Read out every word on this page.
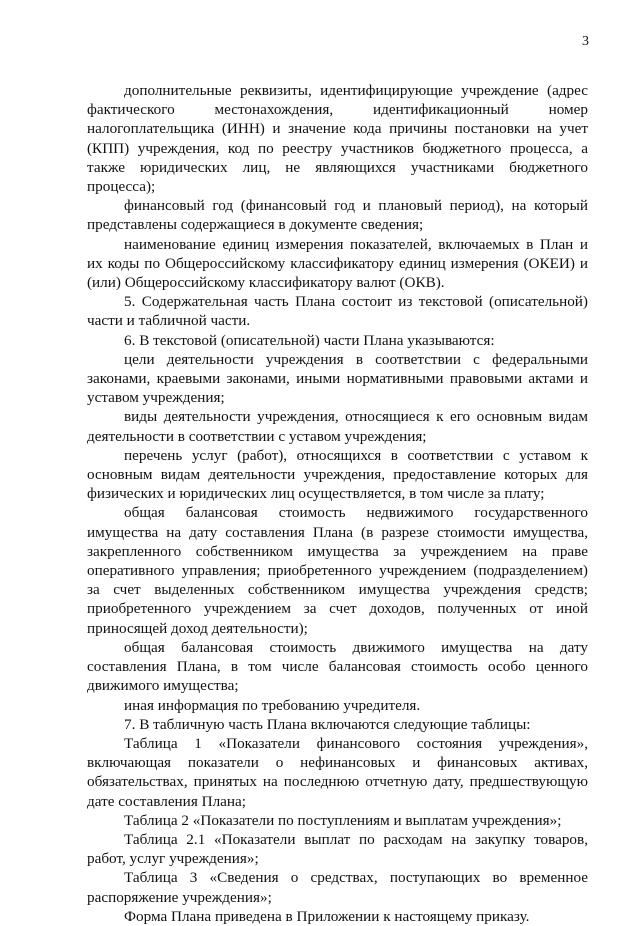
3

дополнительные реквизиты, идентифицирующие учреждение (адрес фактического местонахождения, идентификационный номер налогоплательщика (ИНН) и значение кода причины постановки на учет (КПП) учреждения, код по реестру участников бюджетного процесса, а также юридических лиц, не являющихся участниками бюджетного процесса);

финансовый год (финансовый год и плановый период), на который представлены содержащиеся в документе сведения;

наименование единиц измерения показателей, включаемых в План и их коды по Общероссийскому классификатору единиц измерения (ОКЕИ) и (или) Общероссийскому классификатору валют (ОКВ).

5. Содержательная часть Плана состоит из текстовой (описательной) части и табличной части.

6. В текстовой (описательной) части Плана указываются:

цели деятельности учреждения в соответствии с федеральными законами, краевыми законами, иными нормативными правовыми актами и уставом учреждения;

виды деятельности учреждения, относящиеся к его основным видам деятельности в соответствии с уставом учреждения;

перечень услуг (работ), относящихся в соответствии с уставом к основным видам деятельности учреждения, предоставление которых для физических и юридических лиц осуществляется, в том числе за плату;

общая балансовая стоимость недвижимого государственного имущества на дату составления Плана (в разрезе стоимости имущества, закрепленного собственником имущества за учреждением на праве оперативного управления; приобретенного учреждением (подразделением) за счет выделенных собственником имущества учреждения средств; приобретенного учреждением за счет доходов, полученных от иной приносящей доход деятельности);

общая балансовая стоимость движимого имущества на дату составления Плана, в том числе балансовая стоимость особо ценного движимого имущества;

иная информация по требованию учредителя.

7. В табличную часть Плана включаются следующие таблицы:

Таблица 1 «Показатели финансового состояния учреждения», включающая показатели о нефинансовых и финансовых активах, обязательствах, принятых на последнюю отчетную дату, предшествующую дате составления Плана;

Таблица 2 «Показатели по поступлениям и выплатам учреждения»;

Таблица 2.1 «Показатели выплат по расходам на закупку товаров, работ, услуг учреждения»;

Таблица 3 «Сведения о средствах, поступающих во временное распоряжение учреждения»;

Форма Плана приведена в Приложении к настоящему приказу.
